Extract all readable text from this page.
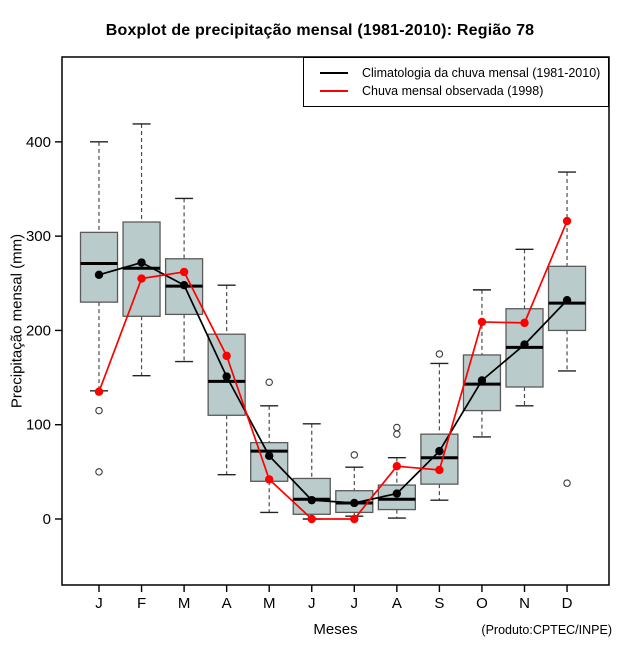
Boxplot de precipitação mensal (1981-2010): Região 78
0
100
200
300
400
J F M A M J J A S O N D
Climatologia da chuva mensal (1981-2010)
Chuva mensal observada (1998)
Precipitação mensal (mm)
Meses	(Produto:CPTEC/INPE)
